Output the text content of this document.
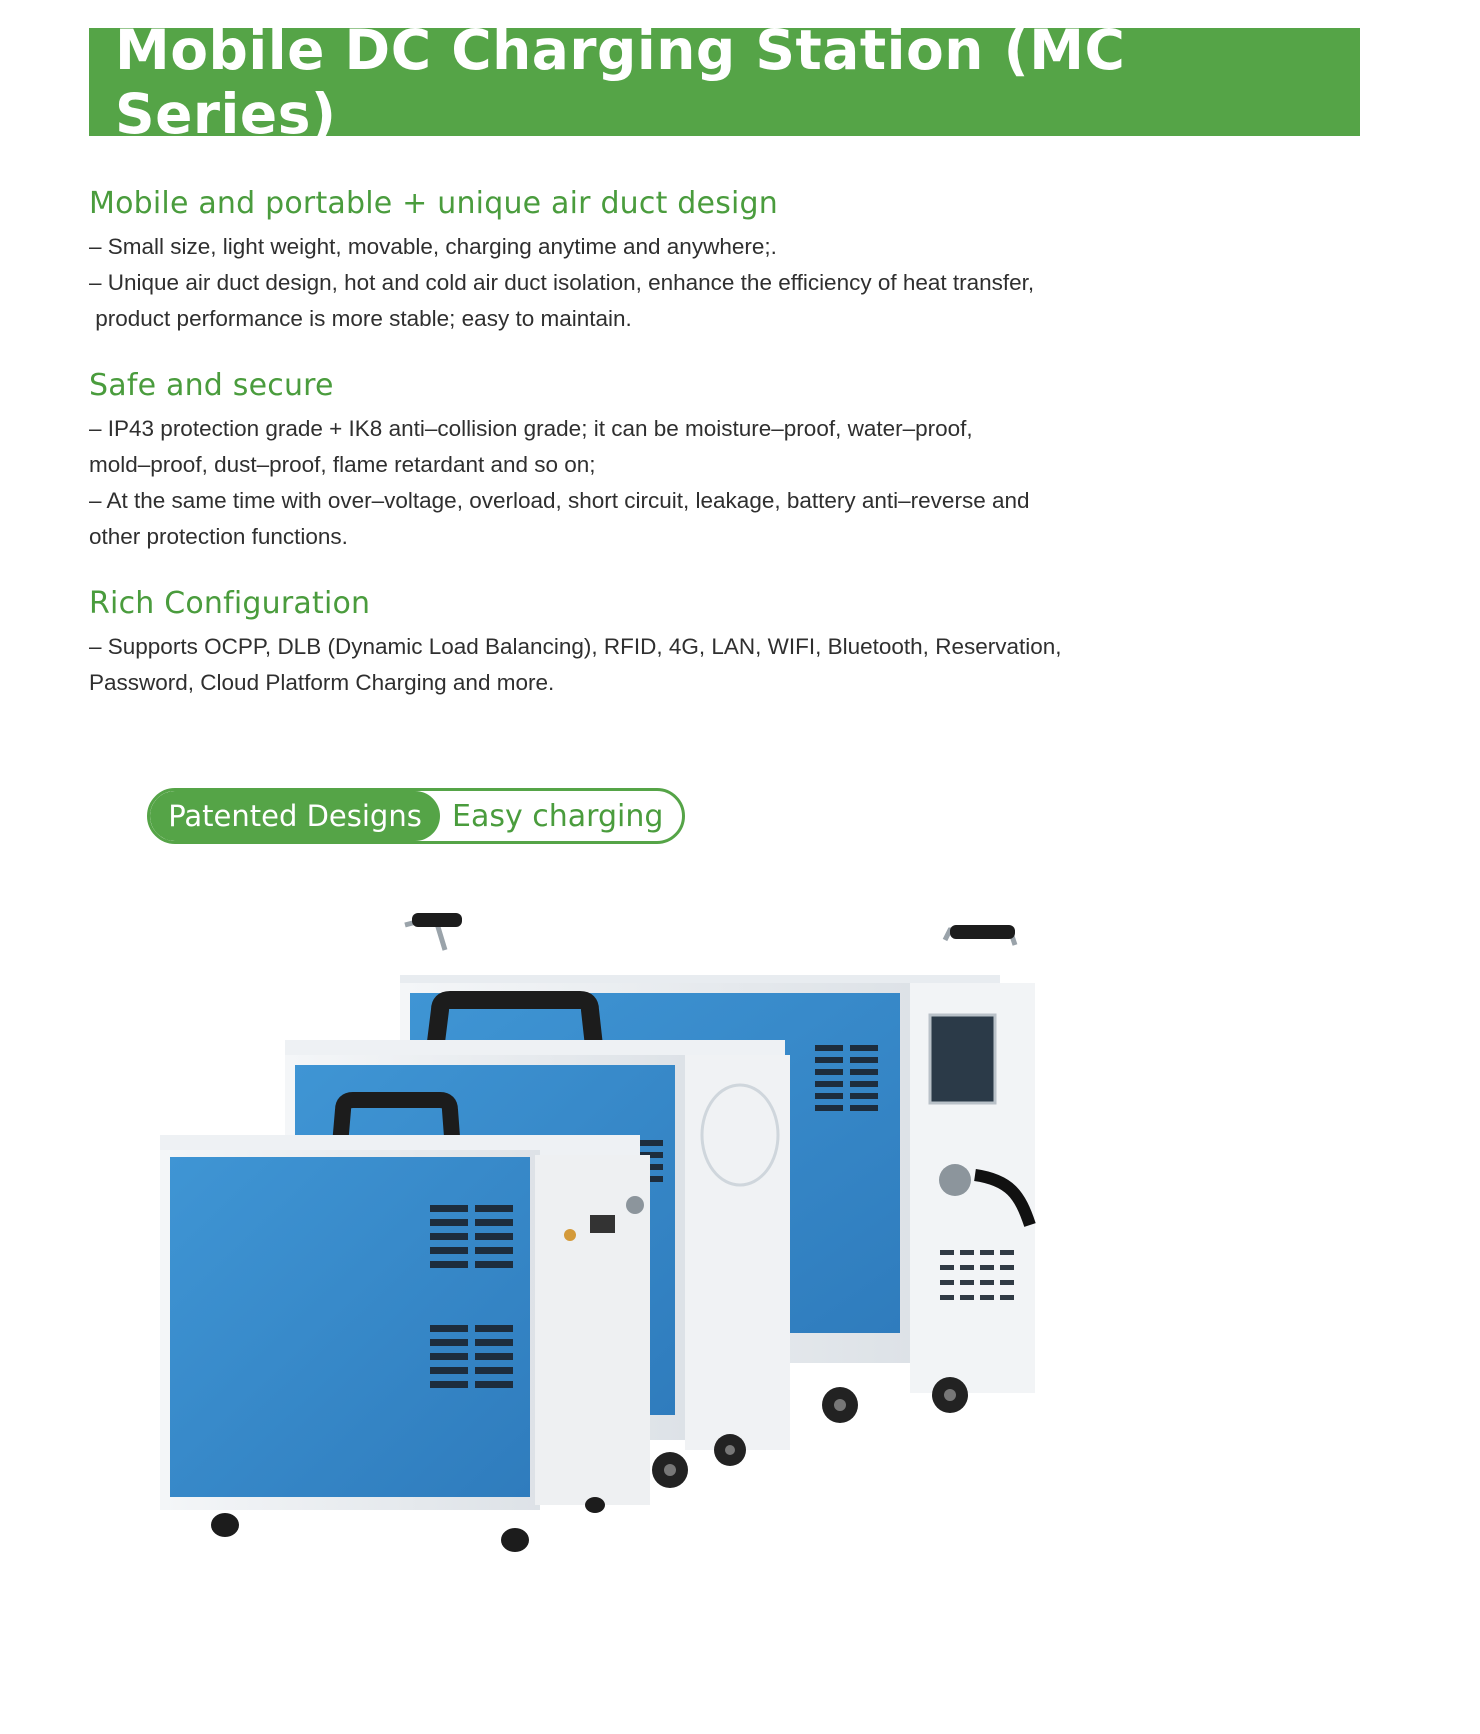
Mobile DC Charging Station (MC Series)
Mobile and portable + unique air duct design

– Small size, light weight, movable, charging anytime and anywhere;.
– Unique air duct design, hot and cold air duct isolation, enhance the efficiency of heat transfer,
product performance is more stable; easy to maintain.

Safe and secure

– IP43 protection grade + IK8 anti–collision grade; it can be moisture–proof, water–proof,
mold–proof, dust–proof, flame retardant and so on;
– At the same time with over–voltage, overload, short circuit, leakage, battery anti–reverse and
other protection functions.

Rich Configuration

– Supports OCPP, DLB (Dynamic Load Balancing), RFID, 4G, LAN, WIFI, Bluetooth, Reservation,
Password, Cloud Platform Charging and more.

Patented Designs	Easy charging
